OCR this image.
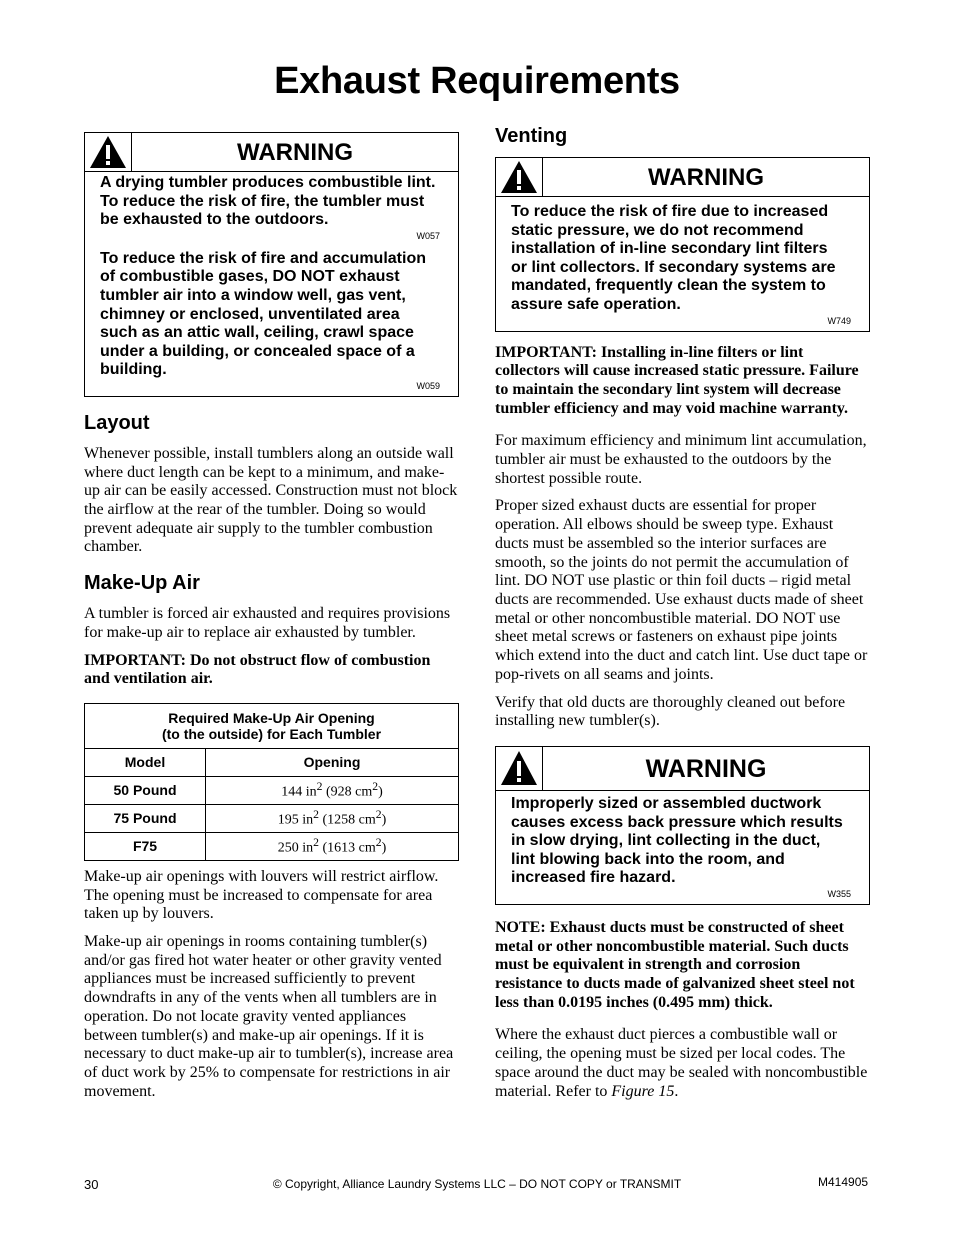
Exhaust Requirements
WARNING

A drying tumbler produces combustible lint. To reduce the risk of fire, the tumbler must be exhausted to the outdoors.

W057

To reduce the risk of fire and accumulation of combustible gases, DO NOT exhaust tumbler air into a window well, gas vent, chimney or enclosed, unventilated area such as an attic wall, ceiling, crawl space under a building, or concealed space of a building.

W059
Layout

Whenever possible, install tumblers along an outside wall where duct length can be kept to a minimum, and make-up air can be easily accessed. Construction must not block the airflow at the rear of the tumbler. Doing so would prevent adequate air supply to the tumbler combustion chamber.

Make-Up Air

A tumbler is forced air exhausted and requires provisions for make-up air to replace air exhausted by tumbler.

IMPORTANT: Do not obstruct flow of combustion and ventilation air.

Required Make-Up Air Opening
(to the outside) for Each Tumbler	
Model	Opening
50 Pound	144 $in^2$ (928 $cm^2$)
75 Pound	195 $in^2$ (1258 $cm^2$)
F75	250 $in^2$ (1613 $cm^2$)

Make-up air openings with louvers will restrict airflow. The opening must be increased to compensate for area taken up by louvers.

Make-up air openings in rooms containing tumbler(s) and/or gas fired hot water heater or other gravity vented appliances must be increased sufficiently to prevent downdrafts in any of the vents when all tumblers are in operation. Do not locate gravity vented appliances between tumbler(s) and make-up air openings. If it is necessary to duct make-up air to tumbler(s), increase area of duct work by 25% to compensate for restrictions in air movement.

Venting
WARNING

To reduce the risk of fire due to increased static pressure, we do not recommend installation of in-line secondary lint filters or lint collectors. If secondary systems are mandated, frequently clean the system to assure safe operation.

W749

IMPORTANT: Installing in-line filters or lint collectors will cause increased static pressure. Failure to maintain the secondary lint system will decrease tumbler efficiency and may void machine warranty.

For maximum efficiency and minimum lint accumulation, tumbler air must be exhausted to the outdoors by the shortest possible route.

Proper sized exhaust ducts are essential for proper operation. All elbows should be sweep type. Exhaust ducts must be assembled so the interior surfaces are smooth, so the joints do not permit the accumulation of lint. DO NOT use plastic or thin foil ducts – rigid metal ducts are recommended. Use exhaust ducts made of sheet metal or other noncombustible material. DO NOT use sheet metal screws or fasteners on exhaust pipe joints which extend into the duct and catch lint. Use duct tape or pop-rivets on all seams and joints.

Verify that old ducts are thoroughly cleaned out before installing new tumbler(s).

WARNING

Improperly sized or assembled ductwork causes excess back pressure which results in slow drying, lint collecting in the duct, lint blowing back into the room, and increased fire hazard.

W355

NOTE: Exhaust ducts must be constructed of sheet metal or other noncombustible material. Such ducts must be equivalent in strength and corrosion resistance to ducts made of galvanized sheet steel not less than 0.0195 inches (0.495 mm) thick.

Where the exhaust duct pierces a combustible wall or ceiling, the opening must be sized per local codes. The space around the duct may be sealed with noncombustible material. Refer to Figure 15.

30	© Copyright, Alliance Laundry Systems LLC – DO NOT COPY or TRANSMIT	M414905
